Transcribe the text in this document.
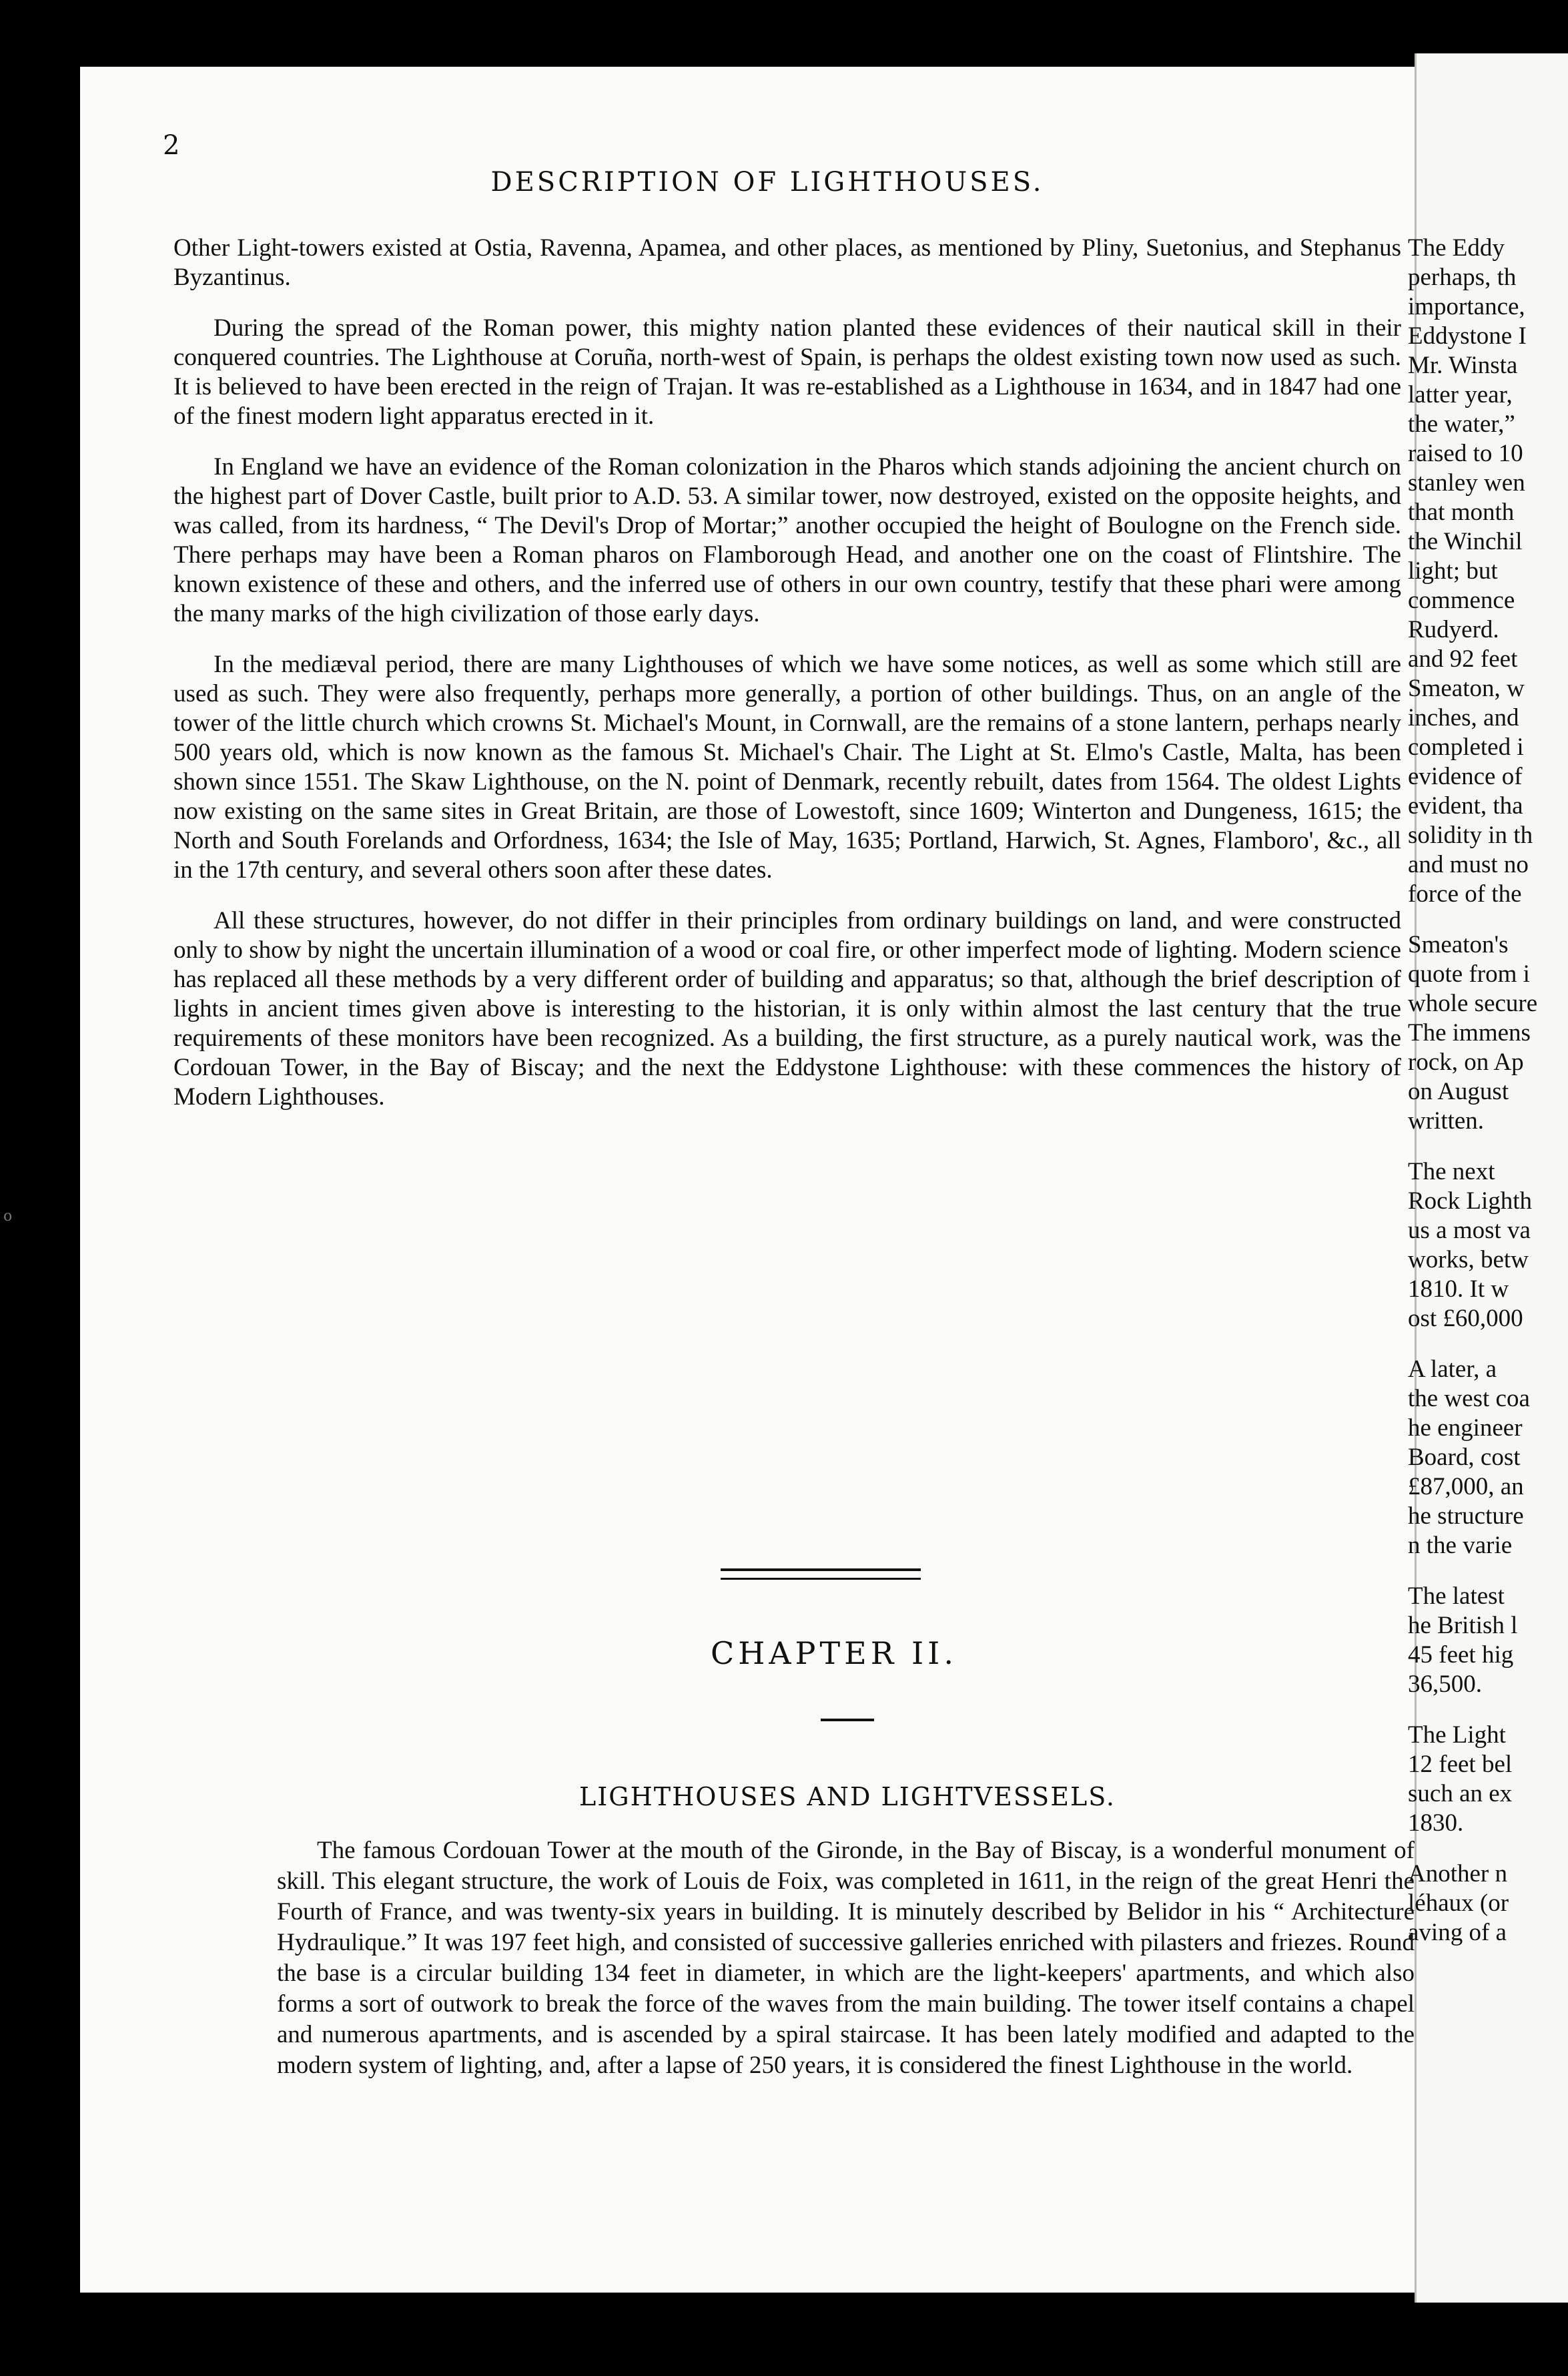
o
2
DESCRIPTION OF LIGHTHOUSES.

Other Light-towers existed at Ostia, Ravenna, Apamea, and other places, as mentioned by Pliny, Suetonius, and Stephanus Byzantinus.

During the spread of the Roman power, this mighty nation planted these evidences of their nautical skill in their conquered countries. The Lighthouse at Coruña, north-west of Spain, is perhaps the oldest existing town now used as such. It is believed to have been erected in the reign of Trajan. It was re-established as a Lighthouse in 1634, and in 1847 had one of the finest modern light apparatus erected in it.

In England we have an evidence of the Roman colonization in the Pharos which stands adjoining the ancient church on the highest part of Dover Castle, built prior to A.D. 53. A similar tower, now destroyed, existed on the opposite heights, and was called, from its hardness, “ The Devil's Drop of Mortar;” another occupied the height of Boulogne on the French side. There perhaps may have been a Roman pharos on Flamborough Head, and another one on the coast of Flintshire. The known existence of these and others, and the inferred use of others in our own country, testify that these phari were among the many marks of the high civilization of those early days.

In the mediæval period, there are many Lighthouses of which we have some notices, as well as some which still are used as such. They were also frequently, perhaps more generally, a portion of other buildings. Thus, on an angle of the tower of the little church which crowns St. Michael's Mount, in Cornwall, are the remains of a stone lantern, perhaps nearly 500 years old, which is now known as the famous St. Michael's Chair. The Light at St. Elmo's Castle, Malta, has been shown since 1551. The Skaw Lighthouse, on the N. point of Denmark, recently rebuilt, dates from 1564. The oldest Lights now existing on the same sites in Great Britain, are those of Lowestoft, since 1609; Winterton and Dungeness, 1615; the North and South Forelands and Orfordness, 1634; the Isle of May, 1635; Portland, Harwich, St. Agnes, Flamboro', &c., all in the 17th century, and several others soon after these dates.

All these structures, however, do not differ in their principles from ordinary buildings on land, and were constructed only to show by night the uncertain illumination of a wood or coal fire, or other imperfect mode of lighting. Modern science has replaced all these methods by a very different order of building and apparatus; so that, although the brief description of lights in ancient times given above is interesting to the historian, it is only within almost the last century that the true requirements of these monitors have been recognized. As a building, the first structure, as a purely nautical work, was the Cordouan Tower, in the Bay of Biscay; and the next the Eddystone Lighthouse: with these commences the history of Modern Lighthouses.

CHAPTER II.
LIGHTHOUSES AND LIGHTVESSELS.

The famous Cordouan Tower at the mouth of the Gironde, in the Bay of Biscay, is a wonderful monument of skill. This elegant structure, the work of Louis de Foix, was completed in 1611, in the reign of the great Henri the Fourth of France, and was twenty-six years in building. It is minutely described by Belidor in his “ Architecture Hydraulique.” It was 197 feet high, and consisted of successive galleries enriched with pilasters and friezes. Round the base is a circular building 134 feet in diameter, in which are the light-keepers' apartments, and which also forms a sort of outwork to break the force of the waves from the main building. The tower itself contains a chapel and numerous apartments, and is ascended by a spiral staircase. It has been lately modified and adapted to the modern system of lighting, and, after a lapse of 250 years, it is considered the finest Lighthouse in the world.

The Eddy
perhaps, th
importance,
Eddystone I
Mr. Winsta
latter year,
the water,”
raised to 10
stanley wen
that month
the Winchil
light; but
commence
Rudyerd.
and 92 feet
Smeaton, w
inches, and
completed i
evidence of
evident, tha
solidity in th
and must no
force of the
Smeaton's
quote from i
whole secure
The immens
rock, on Ap
on August
written.
The next
Rock Lighth
us a most va
works, betw
1810. It w
ost £60,000
A later, a
the west coa
he engineer
Board, cost
£87,000, an
he structure
n the varie
The latest
he British l
45 feet hig
36,500.
The Light
12 feet bel
such an ex
1830.
Another n
léhaux (or
aving of a
